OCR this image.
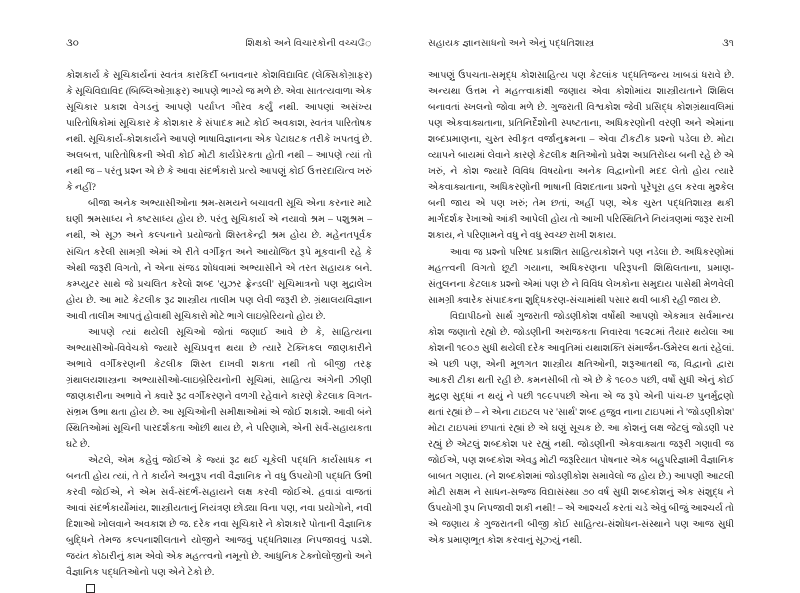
૩૦	શિક્ષકો અને વિચારકોની વચ્ચே

કોશકાર્ય કે સૂચિકાર્યનાં સ્વતંત્ર કારકિર્દી બનાવનાર કોશવિદ્યાવિદ (લેક્સિકોગ્રાફર) કે સૂચિવિદ્યાવિદ (બિબ્લિઓગ્રાફર) આપણે ભાગ્યે જ મળે છે. એવા સાતત્યવાળા એક સૂચિકાર પ્રકાશ વેગડનું આપણે પર્યાપ્ત ગૌરવ કર્યું નથી. આપણાં અસંખ્ય પારિતોષિકોમાં સૂચિકાર કે કોશકાર કે સંપાદક માટે કોઈ અવકાશ, સ્વતંત્ર પારિતોષક નથી. સૂચિકાર્ય-કોશકાર્યને આપણે ભાષાવિજ્ઞાનના એક પેટાઘટક તરીકે ખપતવું છે. અલબત્ત, પારિતોષિકની એવી કોઈ મોટી કાર્યપ્રેરકતા હોતી નથી – આપણે ત્યાં તો નથી જ – પરંતુ પ્રશ્ન એ છે કે આવા સંદર્ભકારો પ્રત્યે આપણું કોઈ ઉત્તરદાયિત્વ ખરું કે નહીં?

બીજા અનેક અભ્યાસીઓના શ્રમ-સમયને બચાવતી સૂચિ એના કરનાર માટે ઘણી શ્રમસાધ્ય ને કષ્ટસાધ્ય હોય છે. પરંતુ સૂચિકાર્ય એ નયાવો શ્રમ – પશુશ્રમ – નથી, એ સૂઝ અને કલ્પનાને પ્રયોજતો શિસ્તકેન્દ્રી શ્રમ હોય છે. મહેનતપૂર્વક સંચિત કરેલી સામગ્રી એમાં એ રીતે વર્ગીકૃત અને આયોજિત રૂપે મૂકવાની રહે કે એથી જરૂરી વિગતો, ને એના સંજડ શોધવામાં અભ્યાસીને એ તરત સહાયક બને. કમ્પ્યુટર સાથે જે પ્રચલિત કરેલો શબ્દ 'યુઝર ફ્રેન્ડલી' સૂચિમાત્રનો પણ મુદ્રાલેખ હોય છે. આ માટે કેટલીક રૂઢ શાસ્ત્રીય તાલીમ પણ લેવી જરૂરી છે. ગ્રંથાલયવિજ્ઞાન આવી તાલીમ આપતું હોવાથી સૂચિકારો મોટે ભાગે લાઇબ્રેરિયનો હોય છે.

આપણે ત્યાં થયેલી સૂચિઓ જોતાં જણાઈ આવે છે કે, સાહિત્યના અભ્યાસીઓ-વિવેચકો જ્યારે સૂચિપ્રવૃત્ત થયા છે ત્યારે ટેક્નિકલ જાણકારીને અભાવે વર્ગીકરણની કેટલીક શિસ્ત દાખવી શકતા નથી તો બીજી તરફ ગ્રંથાલયશાસ્ત્રના અભ્યાસીઓ-લાઇબ્રેરિયનોની સૂચિમાં, સાહિત્ય અંગેની ઝીણી જાણકારીના અભાવે ને ક્વારે રૂઢ વર્ગીકરણને વળગી રહેવાને કારણે કેટલાક વિગત-સંભ્રમ ઉભા થતા હોય છે. આ સૂચિઓની સમીક્ષાઓમાં એ જોઈ શકાશે. આવી બંને સ્થિતિઓમાં સૂચિની પારદર્શકતા ઓછી થાય છે, ને પરિણામે, એની સર્વ-સહાયકતા ઘટે છે.

એટલે, એમ કહેવું જોઈએ કે જ્યાં રૂઢ થઈ ચૂકેલી પદ્ધતિ કાર્યસાધક ન બનતી હોય ત્યાં, તે તે કાર્યને અનુરૂપ નવી વૈજ્ઞાનિક ને વધુ ઉપયોગી પદ્ધતિ ઉભી કરવી જોઈએ, ને એમ સર્વ-સંદર્ભ-સહાયને લક્ષ કરવી જોઈએ. હવાડાં વાજતાં આવાં સંદર્ભકાર્યોમાંય, શાસ્ત્રીયતાનું નિયંત્રણ છોડ્યા વિના પણ, નવા પ્રયોગોને, નવી દિશાઓ ખોલવાને અવકાશ છે જ. દરેક નવા સૂચિકારે ને કોશકારે પોતાની વૈજ્ઞાનિક બુદ્ધિને તેમજ કલ્પનાશીલતાને યોજીને આજવું પદ્ધતિશાસ્ત્ર નિપજાવવું પડશે. જયંત કોઠારીનું કામ એવો એક મહત્ત્વનો નમૂનો છે. આધુનિક ટેક્નોલોજીનો અને વૈજ્ઞાનિક પદ્ધતિઓનો પણ એને ટેકો છે.

સહાયક જ્ઞાનસાધનો અને એનું પદ્ધતિશાસ્ત્ર	૩૧

આપણું ઉપચતા-સમૃદ્ધ કોશસાહિત્ય પણ કેટલાંક પદ્ધતિજન્ય ખાબડાં ધરાવે છે. અન્યથા ઉત્તમ ને મહત્ત્વાકાંક્ષી જણાય એવા કોશોમાંય શાસ્ત્રીયતાને શિથિલ બનાવતાં સ્ખલનો જોવા મળે છે. ગુજરાતી વિશ્વકોશ જેવી પ્રસિદ્ધ કોશગ્રંથાવલિમાં પણ એકવાક્યતાના, પ્રતિનિર્દેશોની સ્પષ્ટતાના, અધિકરણોની વરણી અને એમાંના શબ્દપ્રમાણના, ચુસ્ત સ્વીકૃત વર્જાનુક્રમના – એવા ટીકટીક પ્રશ્નો પડેલા છે. મોટા વ્યાપને બાયમાં લેવાને કારણે કેટલીક ક્ષતિઓનો પ્રવેશ અપ્રતિરોધ્ય બની રહે છે એ ખરું, ને કોશ જ્યારે વિવિધ વિષયોના અનેક વિદ્વાનોની મદદ લેતો હોય ત્યારે એકવાક્યતાના, અધિકરણોની ભાષાની વિશદતાના પ્રશ્નો પૂરેપૂરા હલ કરવા મુશ્કેલ બની જાય એ પણ ખરું; તેમ છતાં, અહીં પણ, એક ચુસ્ત પદ્ધતિશાસ્ત્ર થકી માર્ગદર્શક રેખાઓ આંકી આપેલી હોય તો આખી પરિસ્થિતિને નિયંત્રણમાં જરૂર રાખી શકાય, ને પરિણામને વધુ ને વધુ સ્વચ્છ રાખી શકાય.

આવા જ પ્રશ્નો પરિષદ પ્રકાશિત સાહિત્યકોશને પણ નડેલા છે. અધિકરણોમાં મહત્ત્વની વિગતો છૂટી ગયાના, અધિકરણના પરિરૂપની શિથિલતાના, પ્રમાણ-સંતુલનના કેટલાક પ્રશ્નો એમાં પણ છે ને વિવિધ લેખકોના સમુદાય પાસેથી મેળવેલી સામગ્રી ક્વારેક સંપાદકના શુદ્ધિકરણ-સંચામાંથી પસાર થવી બાકી રહી જાય છે.

વિદ્યાપીઠનો સાર્થ ગુજરાતી જોડણીકોશ વર્ષોથી આપણો એકમાત્ર સર્વમાન્ય કોશ જણાતો રહ્યો છે. જોડણીની અરાજકતા નિવારવા ૧૯૨૮માં તૈયાર થયેલા આ કોશની ૧૯૦૭ સુધી થયેલી દરેક આવૃતિમાં યથાશક્તિ સંમાર્જન-ઉમેરલ થતાં રહેલાં. એ પછી પણ, એની મૂળગત શાસ્ત્રીય ક્ષતિઓની, શરૂઆતથી જ, વિદ્વાનો દ્વારા આકરી ટીકા થતી રહી છે. કમનસીબી તો એ છે કે ૧૯૦૭ પછી, વર્ષો સુધી એનું કોઈ મુદ્રણ સુદ્ધાં ન થયું ને પછી ૧૯૯૫પછી એના એ જ રૂપે એની પાંચ-છ પુનર્મુદ્રણો થતાં રહ્યાં છે – ને એના ટાઇટલ પર 'સાર્થ' શબ્દ હજુવ નાના ટાઇપમાં ને 'જોડણીકોશ' મોટા ટાઇપમાં છપાતાં રહ્યાં છે એ ઘણું સૂચક છે. આ કોશનું લક્ષ જેટલું જોડણી પર રહ્યું છે એટલું શબ્દકોશ પર રહ્યું નથી. જોડણીની એકવાક્યતા જરૂરી ગણાવી જ જોઈએ, પણ શબ્દકોશ એવડુ મોટી જરૂરિયાત પોષનાર એક બહુપરિજ્ઞામી વૈજ્ઞાનિક બાબત ગણાય. (ને શબ્દકોશમાં જોડણીકોશ સમાવેલો જ હોય છે.) આપણી આટલી મોટી સક્ષમ ને સાધન-સજ્જ વિદ્યાસંસ્થા ૭૦ વર્ષ સુધી શબ્દકોશનું એક સંશુદ્ધ ને ઉપયોગી રૂપ નિપજાવી શકી નથી! – એ આશ્ચર્ય કરતાં ચડે એવું બીજું આશ્ચર્ય તો એ જણાય કે ગુજરાતની બીજી કોઈ સાહિત્ય-સંશોધન-સંસ્થાને પણ આજ સુધી એક પ્રમાણભૂત કોશ કરવાનું સૂઝ્યું નથી.
